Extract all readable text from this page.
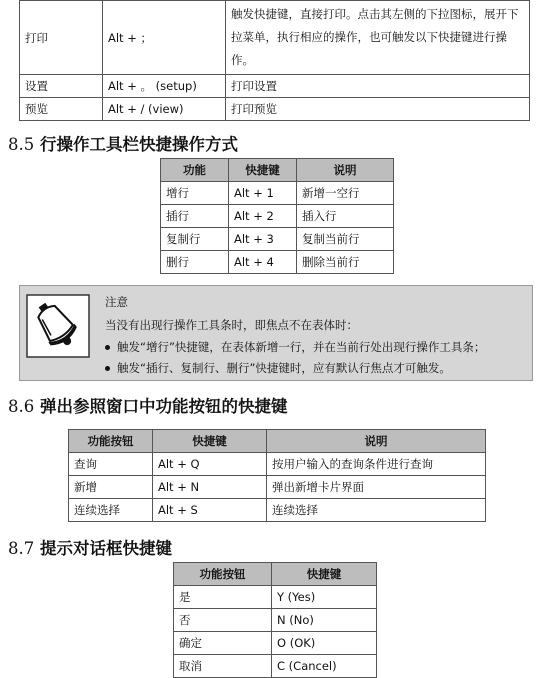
打印	Alt + ；	触发快捷键，直接打印。点击其左侧的下拉图标，展开下拉菜单，执行相应的操作，也可触发以下快捷键进行操作。
设置	Alt + 。 (setup)	打印设置
预览	Alt + / (view)	打印预览
8.5 行操作工具栏快捷操作方式
功能	快捷键	说明
增行	Alt + 1	新增一空行
插行	Alt + 2	插入行
复制行	Alt + 3	复制当前行
删行	Alt + 4	删除当前行
注意
当没有出现行操作工具条时，即焦点不在表体时：
触发“增行”快捷键，在表体新增一行，并在当前行处出现行操作工具条；
触发“插行、复制行、删行”快捷键时，应有默认行焦点才可触发。
8.6 弹出参照窗口中功能按钮的快捷键
功能按钮	快捷键	说明
查询	Alt + Q	按用户输入的查询条件进行查询
新增	Alt + N	弹出新增卡片界面
连续选择	Alt + S	连续选择
8.7 提示对话框快捷键
功能按钮	快捷键
是	Y (Yes)
否	N (No)
确定	O (OK)
取消	C (Cancel)
